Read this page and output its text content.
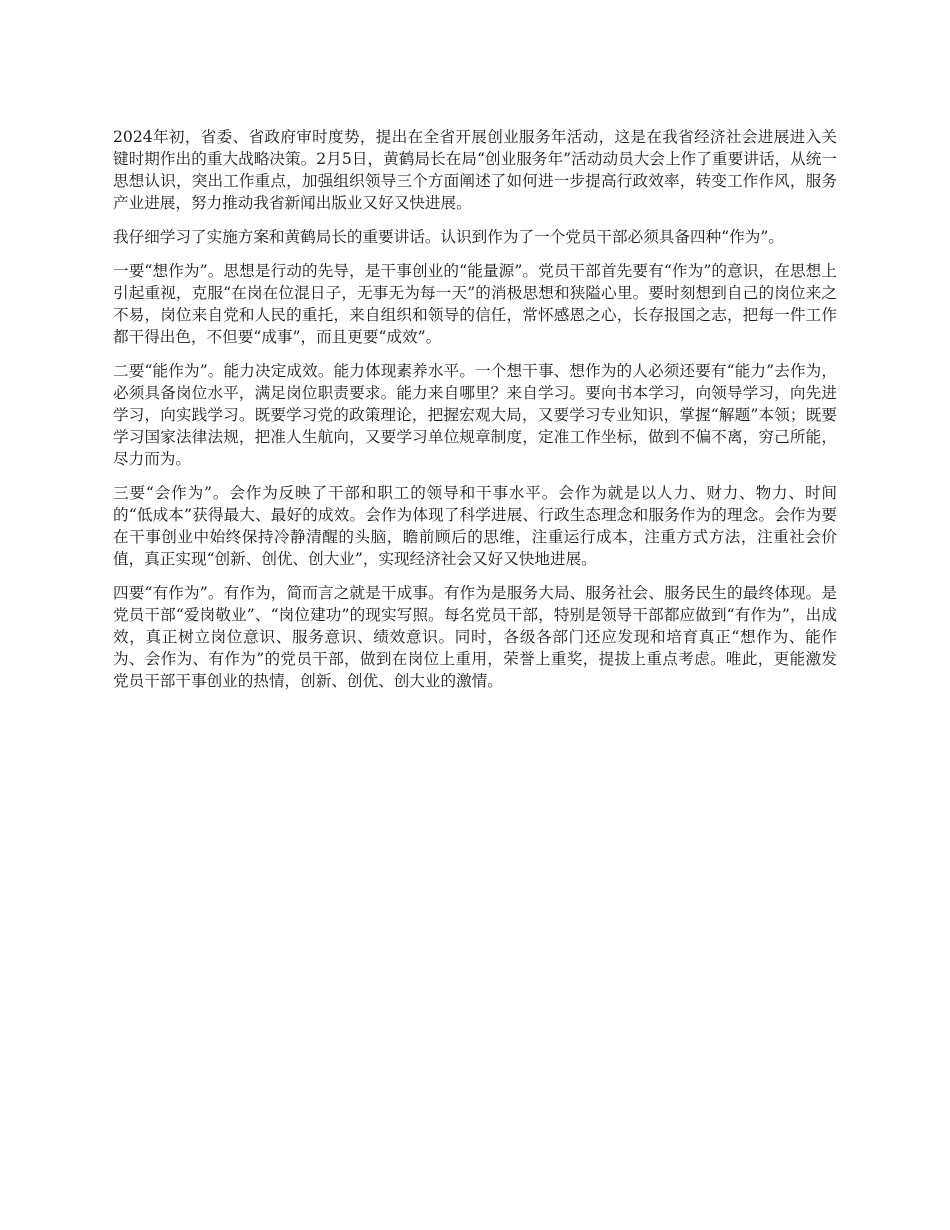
2024年初，省委、省政府审时度势，提出在全省开展创业服务年活动，这是在我省经济社会进展进入关键时期作出的重大战略决策。2月5日，黄鹤局长在局“创业服务年”活动动员大会上作了重要讲话，从统一思想认识，突出工作重点，加强组织领导三个方面阐述了如何进一步提高行政效率，转变工作作风，服务产业进展，努力推动我省新闻出版业又好又快进展。

我仔细学习了实施方案和黄鹤局长的重要讲话。认识到作为了一个党员干部必须具备四种“作为”。

一要“想作为”。思想是行动的先导，是干事创业的“能量源”。党员干部首先要有“作为”的意识，在思想上引起重视，克服“在岗在位混日子，无事无为每一天”的消极思想和狭隘心里。要时刻想到自己的岗位来之不易，岗位来自党和人民的重托，来自组织和领导的信任，常怀感恩之心，长存报国之志，把每一件工作都干得出色，不但要“成事”，而且更要“成效”。

二要“能作为”。能力决定成效。能力体现素养水平。一个想干事、想作为的人必须还要有“能力”去作为，必须具备岗位水平，满足岗位职责要求。能力来自哪里？来自学习。要向书本学习，向领导学习，向先进学习，向实践学习。既要学习党的政策理论，把握宏观大局，又要学习专业知识，掌握“解题”本领；既要学习国家法律法规，把准人生航向，又要学习单位规章制度，定准工作坐标，做到不偏不离，穷己所能，尽力而为。

三要“会作为”。会作为反映了干部和职工的领导和干事水平。会作为就是以人力、财力、物力、时间的“低成本”获得最大、最好的成效。会作为体现了科学进展、行政生态理念和服务作为的理念。会作为要在干事创业中始终保持冷静清醒的头脑，瞻前顾后的思维，注重运行成本，注重方式方法，注重社会价值，真正实现“创新、创优、创大业”，实现经济社会又好又快地进展。

四要“有作为”。有作为，简而言之就是干成事。有作为是服务大局、服务社会、服务民生的最终体现。是党员干部“爱岗敬业”、“岗位建功”的现实写照。每名党员干部，特别是领导干部都应做到“有作为”，出成效，真正树立岗位意识、服务意识、绩效意识。同时，各级各部门还应发现和培育真正“想作为、能作为、会作为、有作为”的党员干部，做到在岗位上重用，荣誉上重奖，提拔上重点考虑。唯此，更能激发党员干部干事创业的热情，创新、创优、创大业的激情。
